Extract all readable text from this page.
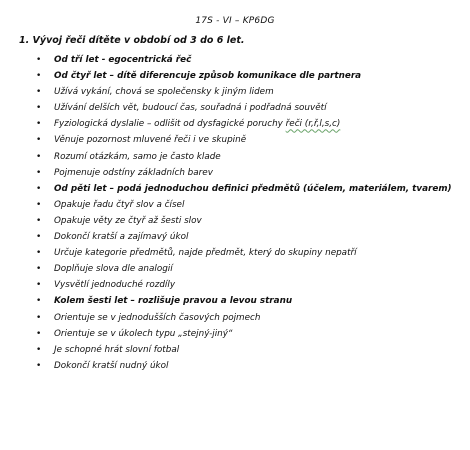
17S - VI – KP6DG
1. Vývoj řeči dítěte v období od 3 do 6 let.
• Od tří let - egocentrická řeč
• Od čtyř let – dítě diferencuje způsob komunikace dle partnera
• Užívá vykání, chová se společensky k jiným lidem
• Užívání delších vět, budoucí čas, souřadná i podřadná souvětí
• Fyziologická dyslalie – odlišit od dysfagické poruchy řeči (r,ř,l,s,c)
• Věnuje pozornost mluvené řeči i ve skupině
• Rozumí otázkám, samo je často klade
• Pojmenuje odstíny základních barev
• Od pěti let – podá jednoduchou definici předmětů (účelem, materiálem, tvarem)
• Opakuje řadu čtyř slov a čísel
• Opakuje věty ze čtyř až šesti slov
• Dokončí kratší a zajímavý úkol
• Určuje kategorie předmětů, najde předmět, který do skupiny nepatří
• Doplňuje slova dle analogií
• Vysvětlí jednoduché rozdíly
• Kolem šesti let – rozlišuje pravou a levou stranu
• Orientuje se v jednodušších časových pojmech
• Orientuje se v úkolech typu „stejný-jiný“
• Je schopné hrát slovní fotbal
• Dokončí kratší nudný úkol
